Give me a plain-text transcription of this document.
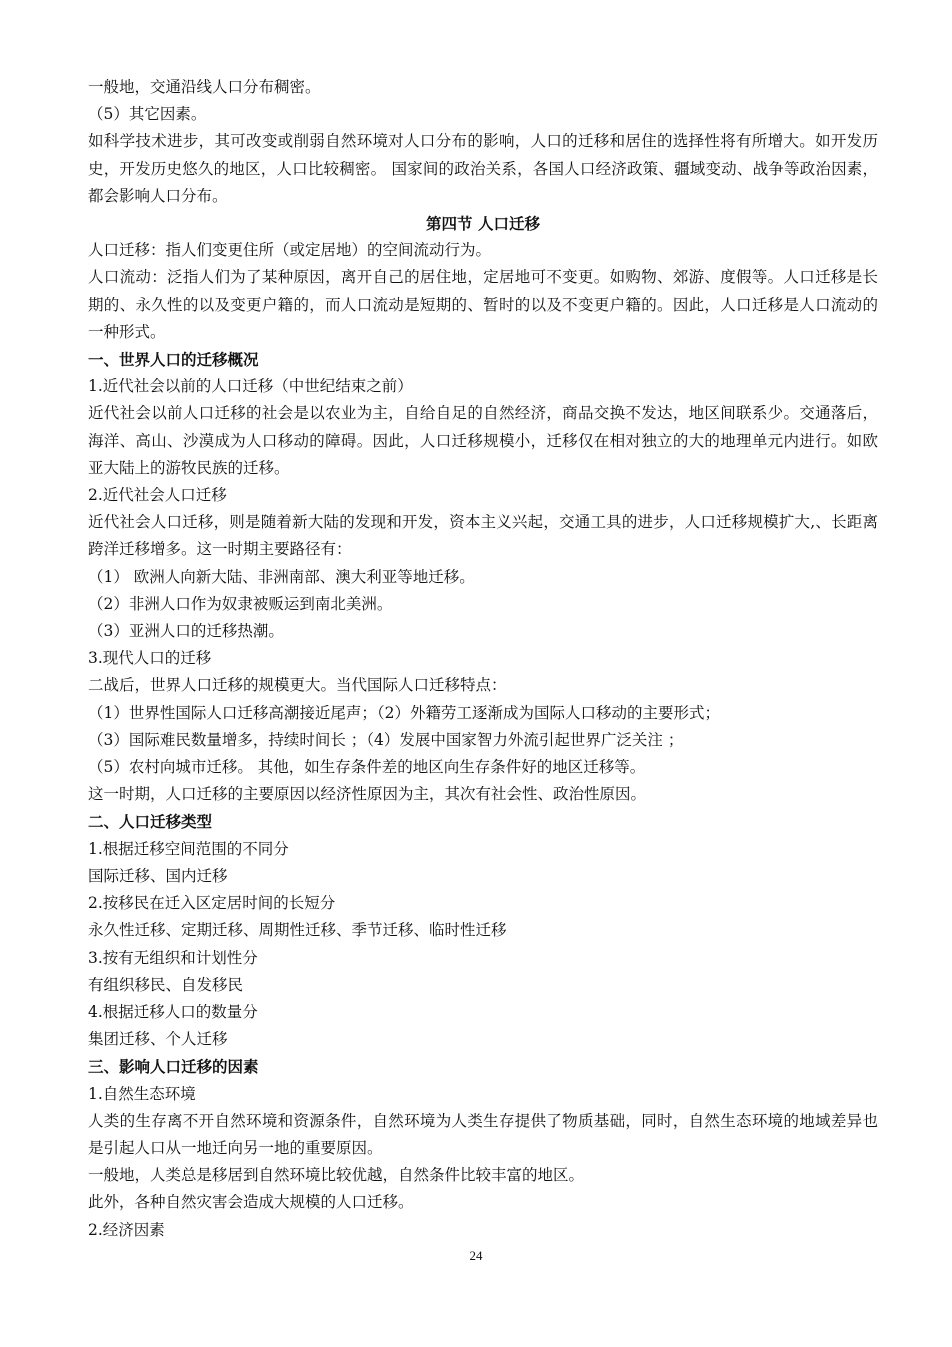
一般地，交通沿线人口分布稠密。

（5）其它因素。

如科学技术进步，其可改变或削弱自然环境对人口分布的影响，人口的迁移和居住的选择性将有所增大。如开发历史，开发历史悠久的地区，人口比较稠密。 国家间的政治关系，各国人口经济政策、疆域变动、战争等政治因素，都会影响人口分布。

第四节 人口迁移

人口迁移：指人们变更住所（或定居地）的空间流动行为。

人口流动：泛指人们为了某种原因，离开自己的居住地，定居地可不变更。如购物、郊游、度假等。人口迁移是长期的、永久性的以及变更户籍的，而人口流动是短期的、暂时的以及不变更户籍的。因此，人口迁移是人口流动的一种形式。

一、世界人口的迁移概况

1.近代社会以前的人口迁移（中世纪结束之前）

近代社会以前人口迁移的社会是以农业为主，自给自足的自然经济，商品交换不发达，地区间联系少。交通落后，海洋、高山、沙漠成为人口移动的障碍。因此，人口迁移规模小，迁移仅在相对独立的大的地理单元内进行。如欧亚大陆上的游牧民族的迁移。

2.近代社会人口迁移

近代社会人口迁移，则是随着新大陆的发现和开发，资本主义兴起，交通工具的进步，人口迁移规模扩大,、长距离跨洋迁移增多。这一时期主要路径有：

（1） 欧洲人向新大陆、非洲南部、澳大利亚等地迁移。

（2）非洲人口作为奴隶被贩运到南北美洲。

（3）亚洲人口的迁移热潮。

3.现代人口的迁移

二战后，世界人口迁移的规模更大。当代国际人口迁移特点：

（1）世界性国际人口迁移高潮接近尾声；（2）外籍劳工逐渐成为国际人口移动的主要形式；

（3）国际难民数量增多，持续时间长 ；（4）发展中国家智力外流引起世界广泛关注 ；

（5）农村向城市迁移。 其他，如生存条件差的地区向生存条件好的地区迁移等。

这一时期，人口迁移的主要原因以经济性原因为主，其次有社会性、政治性原因。

二、人口迁移类型

1.根据迁移空间范围的不同分

国际迁移、国内迁移

2.按移民在迁入区定居时间的长短分

永久性迁移、定期迁移、周期性迁移、季节迁移、临时性迁移

3.按有无组织和计划性分

有组织移民、自发移民

4.根据迁移人口的数量分

集团迁移、个人迁移

三、影响人口迁移的因素

1.自然生态环境

人类的生存离不开自然环境和资源条件，自然环境为人类生存提供了物质基础，同时，自然生态环境的地域差异也是引起人口从一地迁向另一地的重要原因。

一般地，人类总是移居到自然环境比较优越，自然条件比较丰富的地区。

此外，各种自然灾害会造成大规模的人口迁移。

2.经济因素

24
